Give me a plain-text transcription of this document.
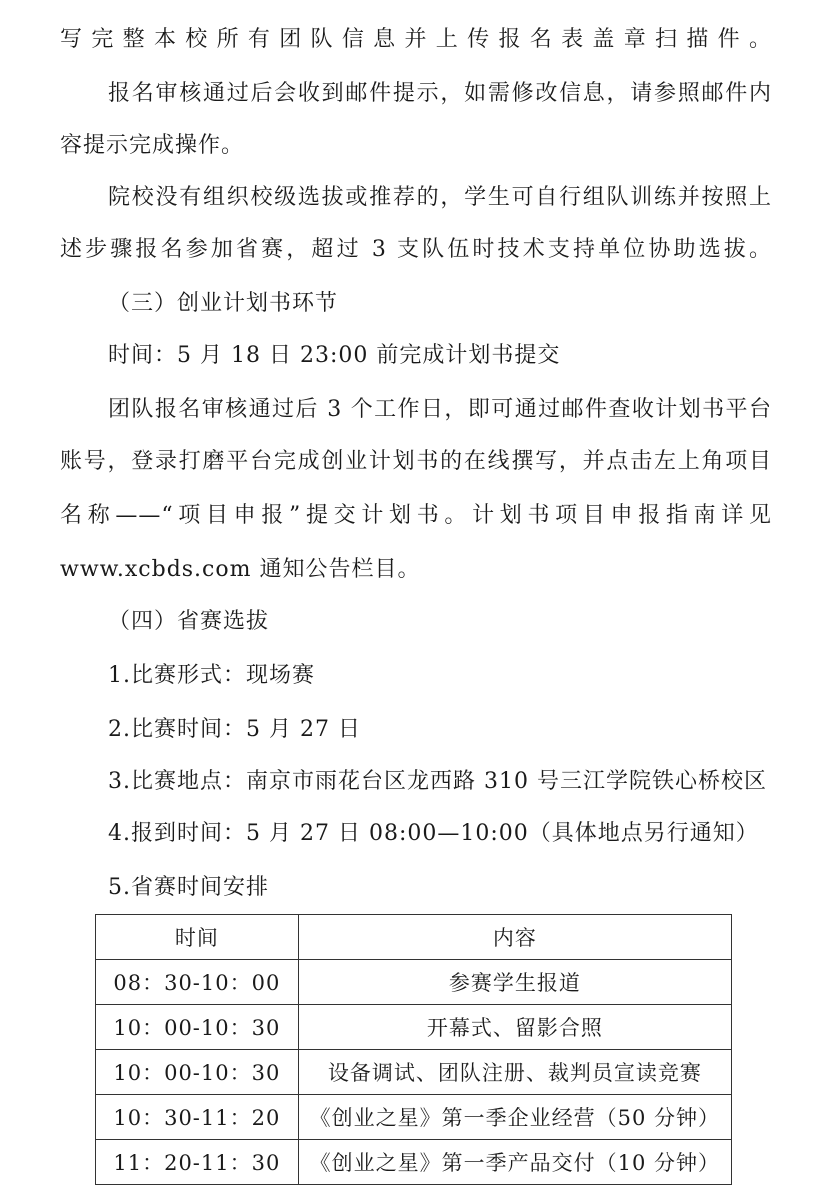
写完整本校所有团队信息并上传报名表盖章扫描件。
报名审核通过后会收到邮件提示，如需修改信息，请参照邮件内
容提示完成操作。
院校没有组织校级选拔或推荐的，学生可自行组队训练并按照上
述步骤报名参加省赛，超过 3 支队伍时技术支持单位协助选拔。
（三）创业计划书环节
时间：5 月 18 日 23:00 前完成计划书提交
团队报名审核通过后 3 个工作日，即可通过邮件查收计划书平台
账号，登录打磨平台完成创业计划书的在线撰写，并点击左上角项目
名称——“项目申报”提交计划书。计划书项目申报指南详见
www.xcbds.com 通知公告栏目。
（四）省赛选拔
1.比赛形式：现场赛
2.比赛时间：5 月 27 日
3.比赛地点：南京市雨花台区龙西路 310 号三江学院铁心桥校区
4.报到时间：5 月 27 日 08:00—10:00（具体地点另行通知）
5.省赛时间安排
时间	内容
08：30-10：00	参赛学生报道
10：00-10：30	开幕式、留影合照
10：00-10：30	设备调试、团队注册、裁判员宣读竞赛
10：30-11：20	《创业之星》第一季企业经营（50 分钟）
11：20-11：30	《创业之星》第一季产品交付（10 分钟）
